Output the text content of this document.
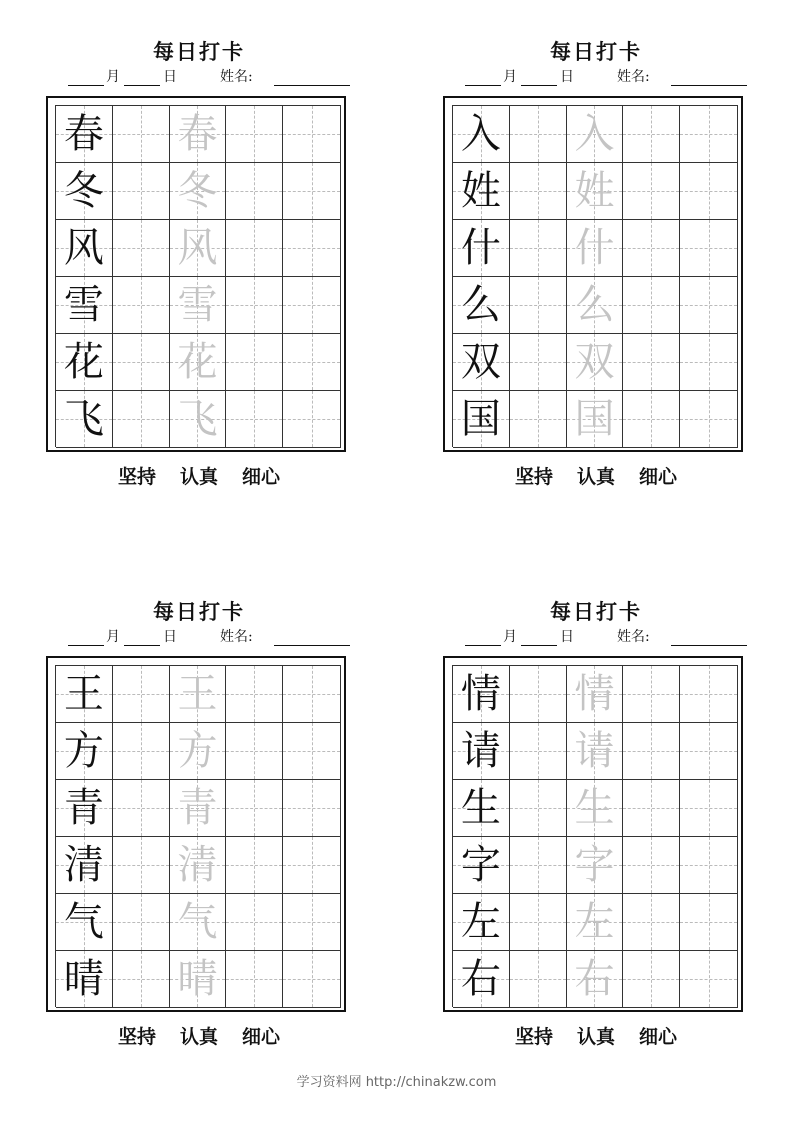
每日打卡
月	日	姓名:
春 春
冬 冬
风 风
雪 雪
花 花
飞 飞
坚持 认真 细心
每日打卡
月	日	姓名:
入 入
姓 姓
什 什
么 么
双 双
国 国
坚持 认真 细心
每日打卡
月	日	姓名:
王 王
方 方
青 青
清 清
气 气
晴 晴
坚持 认真 细心
每日打卡
月	日	姓名:
情 情
请 请
生 生
字 字
左 左
右 右
坚持 认真 细心
学习资料网 http://chinakzw.com
